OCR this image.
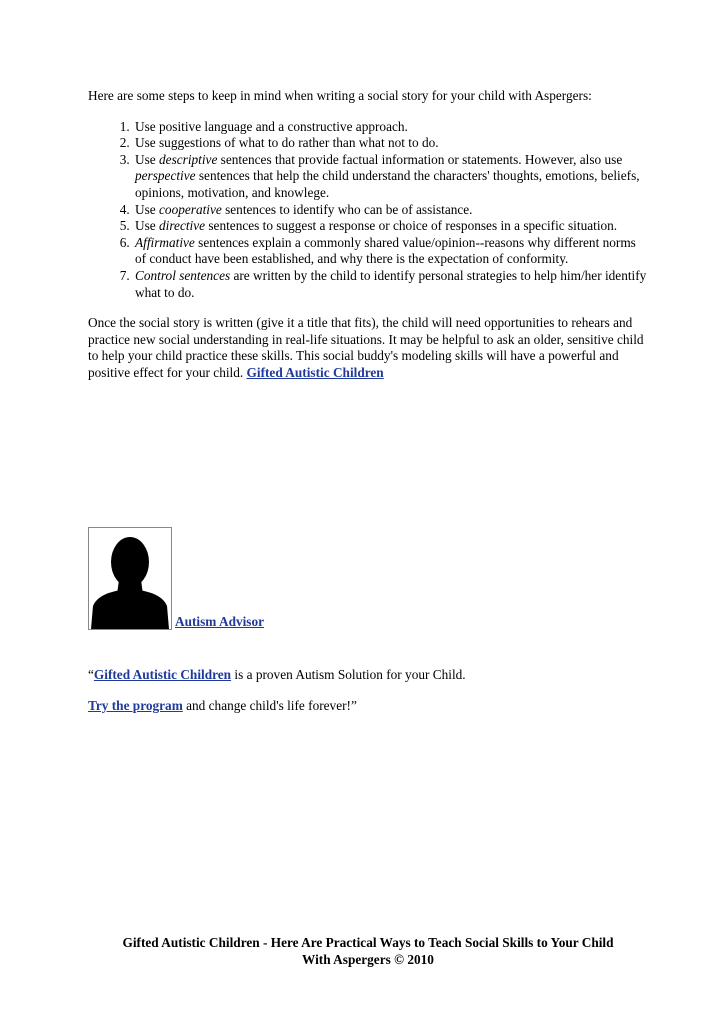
Here are some steps to keep in mind when writing a social story for your child with Aspergers:

1. Use positive language and a constructive approach.
2. Use suggestions of what to do rather than what not to do.
3. Use descriptive sentences that provide factual information or statements. However, also use perspective sentences that help the child understand the characters' thoughts, emotions, beliefs, opinions, motivation, and knowlege.
4. Use cooperative sentences to identify who can be of assistance.
5. Use directive sentences to suggest a response or choice of responses in a specific situation.
6. Affirmative sentences explain a commonly shared value/opinion--reasons why different norms of conduct have been established, and why there is the expectation of conformity.
7. Control sentences are written by the child to identify personal strategies to help him/her identify what to do.

Once the social story is written (give it a title that fits), the child will need opportunities to rehears and practice new social understanding in real-life situations. It may be helpful to ask an older, sensitive child to help your child practice these skills. This social buddy's modeling skills will have a powerful and positive effect for your child. Gifted Autistic Children

Autism Advisor

“Gifted Autistic Children is a proven Autism Solution for your Child.

Try the program and change child's life forever!”

Gifted Autistic Children - Here Are Practical Ways to Teach Social Skills to Your Child
With Aspergers © 2010
